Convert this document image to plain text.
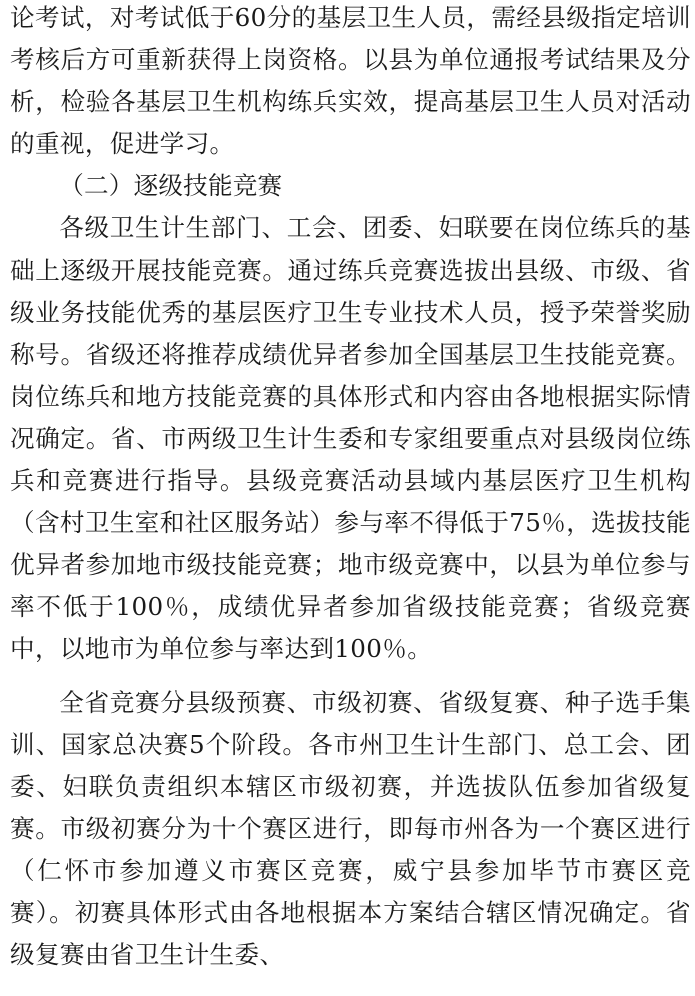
论考试，对考试低于60分的基层卫生人员，需经县级指定培训考核后方可重新获得上岗资格。以县为单位通报考试结果及分析，检验各基层卫生机构练兵实效，提高基层卫生人员对活动的重视，促进学习。

（二）逐级技能竞赛

各级卫生计生部门、工会、团委、妇联要在岗位练兵的基础上逐级开展技能竞赛。通过练兵竞赛选拔出县级、市级、省级业务技能优秀的基层医疗卫生专业技术人员，授予荣誉奖励称号。省级还将推荐成绩优异者参加全国基层卫生技能竞赛。岗位练兵和地方技能竞赛的具体形式和内容由各地根据实际情况确定。省、市两级卫生计生委和专家组要重点对县级岗位练兵和竞赛进行指导。县级竞赛活动县域内基层医疗卫生机构（含村卫生室和社区服务站）参与率不得低于75％，选拔技能优异者参加地市级技能竞赛；地市级竞赛中，以县为单位参与率不低于100％，成绩优异者参加省级技能竞赛；省级竞赛中，以地市为单位参与率达到100％。

全省竞赛分县级预赛、市级初赛、省级复赛、种子选手集训、国家总决赛5个阶段。各市州卫生计生部门、总工会、团委、妇联负责组织本辖区市级初赛，并选拔队伍参加省级复赛。市级初赛分为十个赛区进行，即每市州各为一个赛区进行（仁怀市参加遵义市赛区竞赛，威宁县参加毕节市赛区竞赛）。初赛具体形式由各地根据本方案结合辖区情况确定。省级复赛由省卫生计生委、
